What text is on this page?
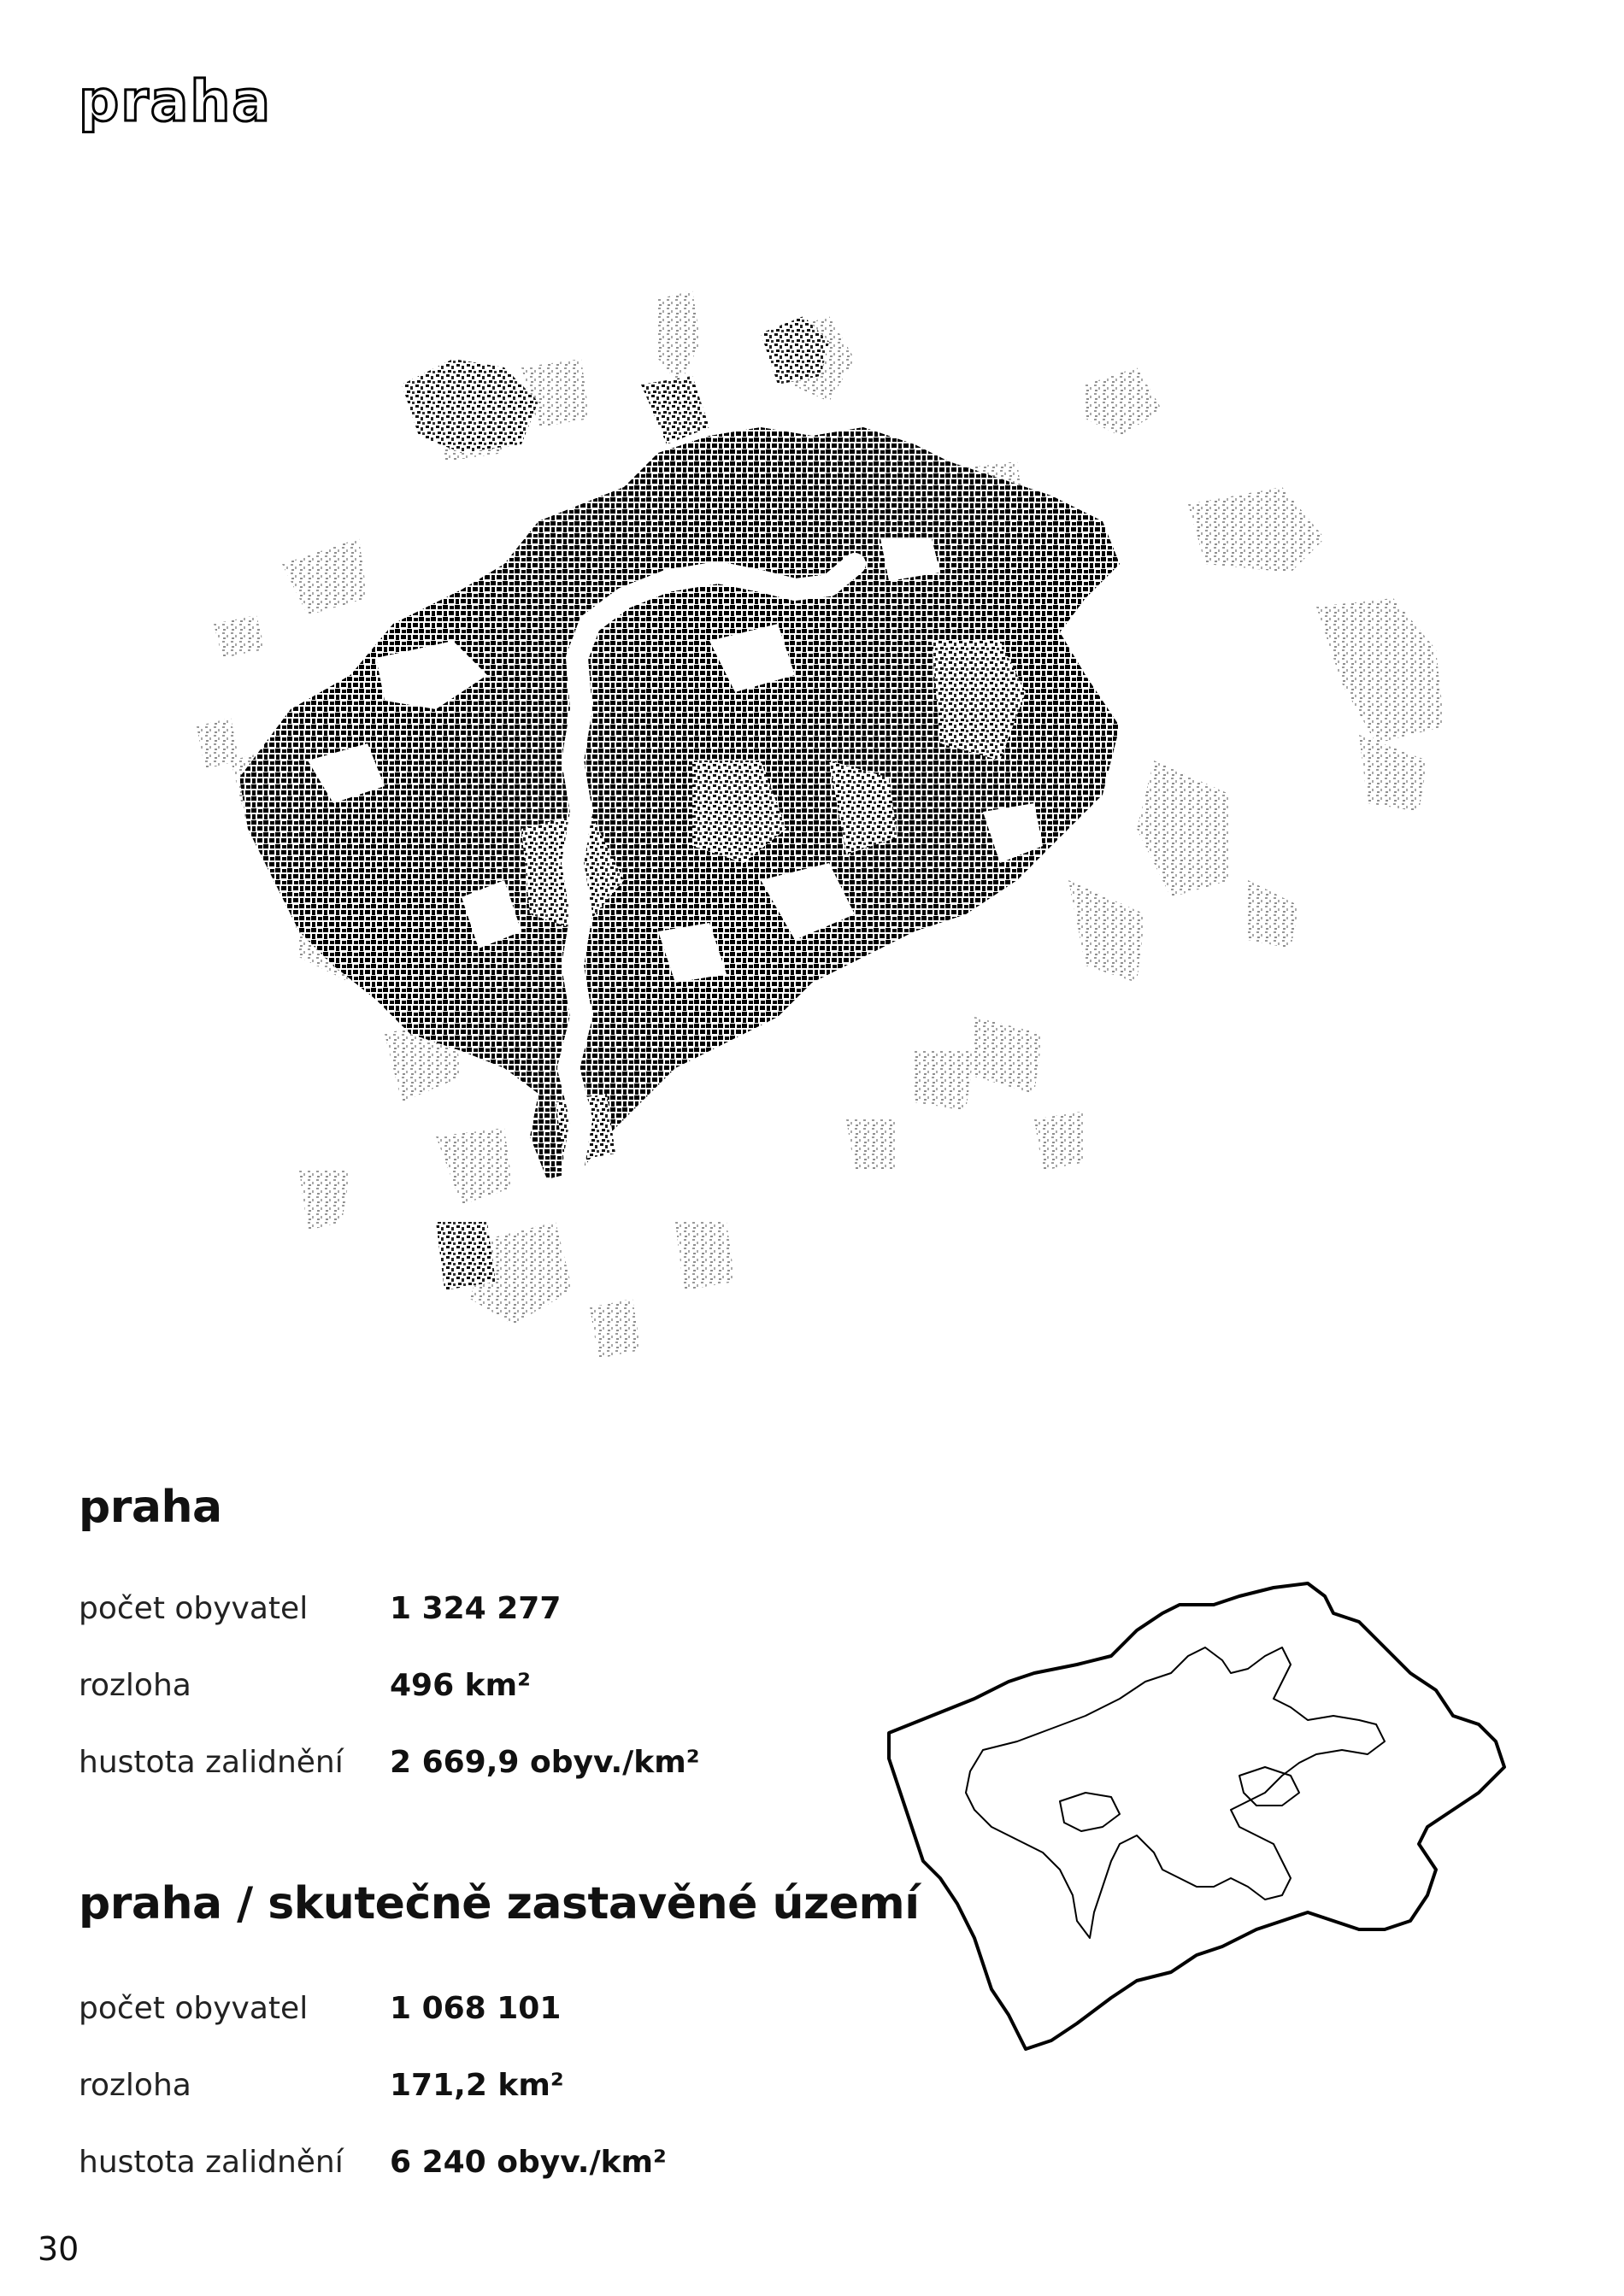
praha
praha
počet obyvatel	1 324 277
rozloha	496 km²
hustota zalidnění 2 669,9 obyv./km²
praha / skutečně zastavěné území
počet obyvatel	1 068 101
rozloha	171,2 km²
hustota zalidnění 6 240 obyv./km²
30
